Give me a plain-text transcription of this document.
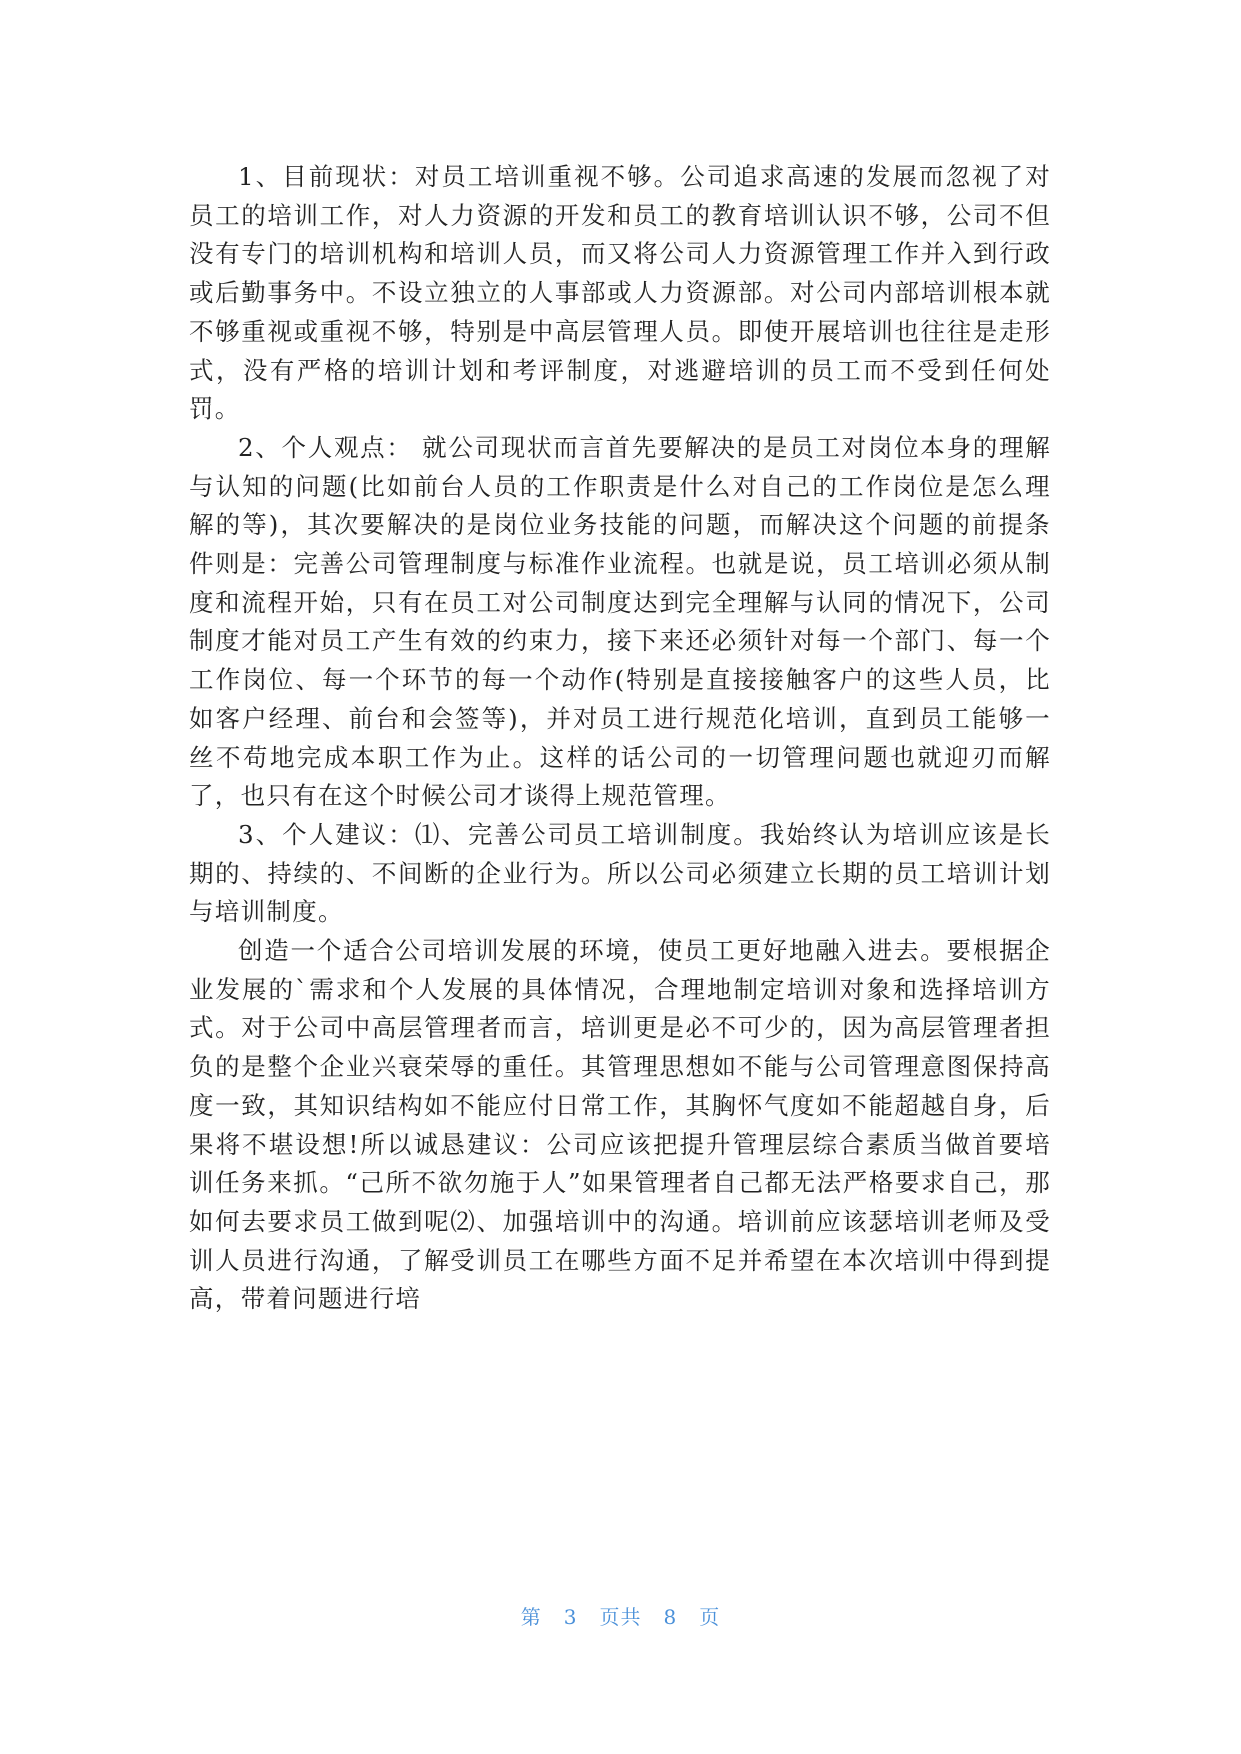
1、目前现状：对员工培训重视不够。公司追求高速的发展而忽视了对员工的培训工作，对人力资源的开发和员工的教育培训认识不够，公司不但没有专门的培训机构和培训人员，而又将公司人力资源管理工作并入到行政或后勤事务中。不设立独立的人事部或人力资源部。对公司内部培训根本就不够重视或重视不够，特别是中高层管理人员。即使开展培训也往往是走形式，没有严格的培训计划和考评制度，对逃避培训的员工而不受到任何处罚。

2、个人观点： 就公司现状而言首先要解决的是员工对岗位本身的理解与认知的问题(比如前台人员的工作职责是什么对自己的工作岗位是怎么理解的等)，其次要解决的是岗位业务技能的问题，而解决这个问题的前提条件则是：完善公司管理制度与标准作业流程。也就是说，员工培训必须从制度和流程开始，只有在员工对公司制度达到完全理解与认同的情况下，公司制度才能对员工产生有效的约束力，接下来还必须针对每一个部门、每一个工作岗位、每一个环节的每一个动作(特别是直接接触客户的这些人员，比如客户经理、前台和会签等)，并对员工进行规范化培训，直到员工能够一丝不苟地完成本职工作为止。这样的话公司的一切管理问题也就迎刃而解了，也只有在这个时候公司才谈得上规范管理。

3、个人建议：⑴、完善公司员工培训制度。我始终认为培训应该是长期的、持续的、不间断的企业行为。所以公司必须建立长期的员工培训计划与培训制度。

创造一个适合公司培训发展的环境，使员工更好地融入进去。要根据企业发展的`需求和个人发展的具体情况，合理地制定培训对象和选择培训方式。对于公司中高层管理者而言，培训更是必不可少的，因为高层管理者担负的是整个企业兴衰荣辱的重任。其管理思想如不能与公司管理意图保持高度一致，其知识结构如不能应付日常工作，其胸怀气度如不能超越自身，后果将不堪设想!所以诚恳建议：公司应该把提升管理层综合素质当做首要培训任务来抓。“己所不欲勿施于人”如果管理者自己都无法严格要求自己，那如何去要求员工做到呢⑵、加强培训中的沟通。培训前应该瑟培训老师及受训人员进行沟通，了解受训员工在哪些方面不足并希望在本次培训中得到提高，带着问题进行培

第 3 页共 8 页
